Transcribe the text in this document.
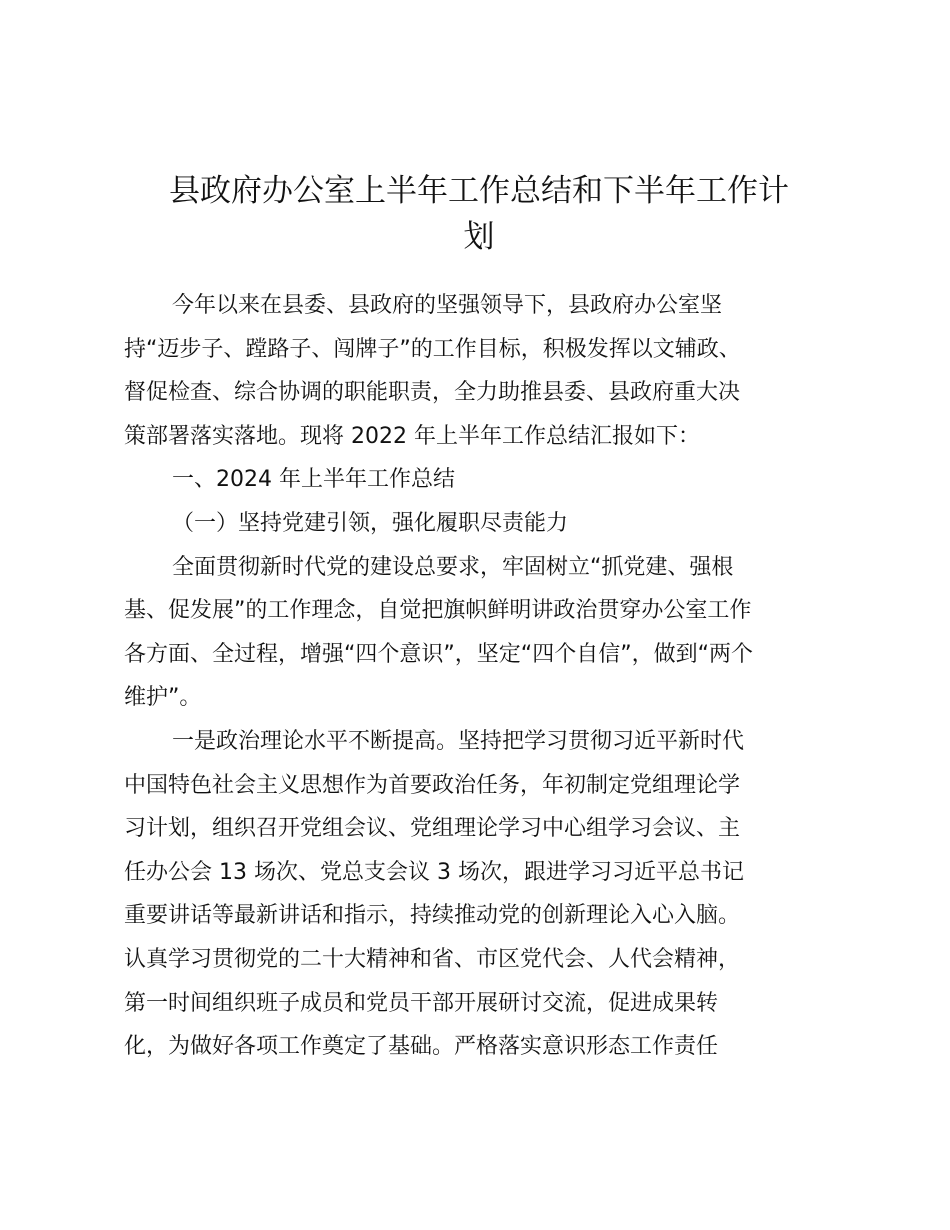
县政府办公室上半年工作总结和下半年工作计
划
今年以来在县委、县政府的坚强领导下，县政府办公室坚
持“迈步子、蹚路子、闯牌子”的工作目标，积极发挥以文辅政、
督促检查、综合协调的职能职责，全力助推县委、县政府重大决
策部署落实落地。现将 2022 年上半年工作总结汇报如下：
一、2024 年上半年工作总结
（一）坚持党建引领，强化履职尽责能力
全面贯彻新时代党的建设总要求，牢固树立“抓党建、强根
基、促发展”的工作理念，自觉把旗帜鲜明讲政治贯穿办公室工作
各方面、全过程，增强“四个意识”，坚定“四个自信”，做到“两个
维护”。
一是政治理论水平不断提高。坚持把学习贯彻习近平新时代
中国特色社会主义思想作为首要政治任务，年初制定党组理论学
习计划，组织召开党组会议、党组理论学习中心组学习会议、主
任办公会 13 场次、党总支会议 3 场次，跟进学习习近平总书记
重要讲话等最新讲话和指示，持续推动党的创新理论入心入脑。
认真学习贯彻党的二十大精神和省、市区党代会、人代会精神，
第一时间组织班子成员和党员干部开展研讨交流，促进成果转
化，为做好各项工作奠定了基础。严格落实意识形态工作责任
